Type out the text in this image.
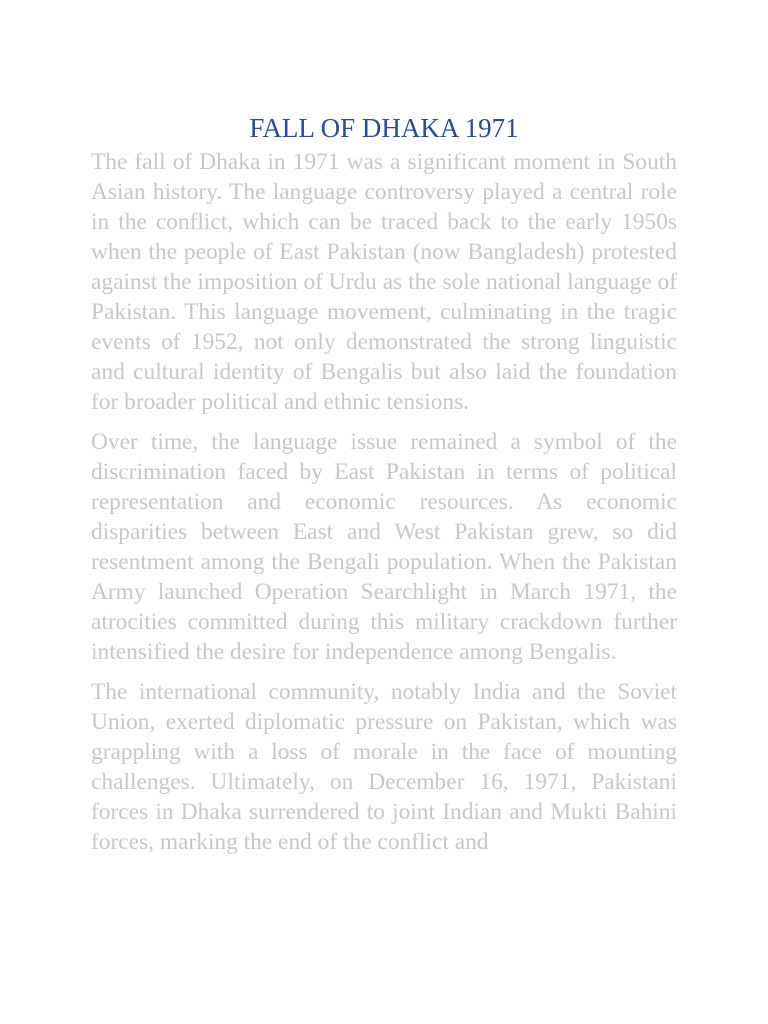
FALL OF DHAKA 1971

The fall of Dhaka in 1971 was a significant moment in South Asian history. The language controversy played a central role in the conflict, which can be traced back to the early 1950s when the people of East Pakistan (now Bangladesh) protested against the imposition of Urdu as the sole national language of Pakistan. This language movement, culminating in the tragic events of 1952, not only demonstrated the strong linguistic and cultural identity of Bengalis but also laid the foundation for broader political and ethnic tensions.

Over time, the language issue remained a symbol of the discrimination faced by East Pakistan in terms of political representation and economic resources. As economic disparities between East and West Pakistan grew, so did resentment among the Bengali population. When the Pakistan Army launched Operation Searchlight in March 1971, the atrocities committed during this military crackdown further intensified the desire for independence among Bengalis.

The international community, notably India and the Soviet Union, exerted diplomatic pressure on Pakistan, which was grappling with a loss of morale in the face of mounting challenges. Ultimately, on December 16, 1971, Pakistani forces in Dhaka surrendered to joint Indian and Mukti Bahini forces, marking the end of the conflict and
